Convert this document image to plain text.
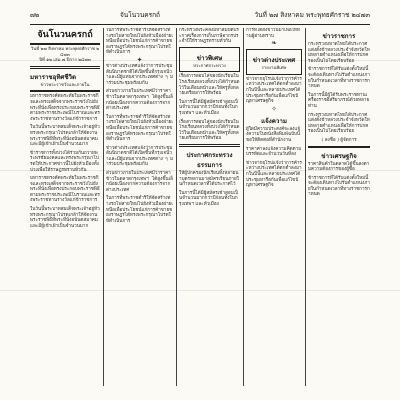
๗๒	จันโนวนครกถ์	วันที่ ๒๗ สิงหาคม พระพุทธศักราช ๒๔๗๓
จันโนวนครกถ์
วันที่ ๒๗ สิงหาคม พระพุทธศักราช ๒๔๗๓
ปีที่ ๑๒ เล่ม ๗ ปีการ ๒๔๗๓
มหาราชอุทิศชีวิต
ข่าวพระราชวังและภายใน
มหาราชทรงคัดพระทัยในพระราชกิจและทรงเสด็จจากพระราชวังไปยังพระที่นั่งเพื่อทรงประกอบพระราชพิธีตามพระราชประเพณีโบราณและทรงพระราชทานรางวัลแก่ข้าราชการ
ในวันนี้พระบาทสมเด็จพระเจ้าอยู่หัวทรงพระกรุณาโปรดเกล้าให้จัดงานพระราชพิธีที่พระที่นั่งอนันตสมาคมและมีผู้เข้าเฝ้าเป็นจำนวนมาก
ข้าราชการทั้งปวงได้ร่วมกันถวายพระพรชัยมงคลและทรงพระกรุณาโปรดให้ประกาศข่าวนี้ไปยังหัวเมืองทั้งปวงเพื่อให้ราษฎรทราบทั่วกัน
มหาราชทรงคัดพระทัยในพระราชกิจและทรงเสด็จจากพระราชวังไปยังพระที่นั่งเพื่อทรงประกอบพระราชพิธีตามพระราชประเพณีโบราณและทรงพระราชทานรางวัลแก่ข้าราชการ
ในวันนี้พระบาทสมเด็จพระเจ้าอยู่หัวทรงพระกรุณาโปรดเกล้าให้จัดงานพระราชพิธีที่พระที่นั่งอนันตสมาคมและมีผู้เข้าเฝ้าเป็นจำนวนมาก
ในการที่พระราชดำริให้จัดสร้างทางรถไฟสายใหม่ไปยังหัวเมืองฝ่ายเหนือเพื่อประโยชน์แก่การค้าขายของราษฎรได้ทรงพระกรุณาโปรดให้ดำเนินการ
✦
ข่าวต่างประเทศแจ้งว่าการประชุมสันนิบาตชาติได้เปิดขึ้นที่กรุงเจนีวาและมีผู้แทนจากประเทศต่าง ๆ มาร่วมประชุมพร้อมกัน
ส่วนข่าวภายในประเทศมีว่าราคาข้าวในตลาดกรุงเทพฯ ได้สูงขึ้นเล็กน้อยเนื่องจากความต้องการจากต่างประเทศ
ในการที่พระราชดำริให้จัดสร้างทางรถไฟสายใหม่ไปยังหัวเมืองฝ่ายเหนือเพื่อประโยชน์แก่การค้าขายของราษฎรได้ทรงพระกรุณาโปรดให้ดำเนินการ
ข่าวต่างประเทศแจ้งว่าการประชุมสันนิบาตชาติได้เปิดขึ้นที่กรุงเจนีวาและมีผู้แทนจากประเทศต่าง ๆ มาร่วมประชุมพร้อมกัน
ส่วนข่าวภายในประเทศมีว่าราคาข้าวในตลาดกรุงเทพฯ ได้สูงขึ้นเล็กน้อยเนื่องจากความต้องการจากต่างประเทศ
ในการที่พระราชดำริให้จัดสร้างทางรถไฟสายใหม่ไปยังหัวเมืองฝ่ายเหนือเพื่อประโยชน์แก่การค้าขายของราษฎรได้ทรงพระกรุณาโปรดให้ดำเนินการ
กระทรวงพระคลังมหาสมบัติประกาศเรื่องการเก็บภาษีอากรประจำปีให้ราษฎรทราบทั่วกัน
ข่าวพิเศษ
ประกาศกระทรวง
เรื่องการสอบไล่ของนักเรียนในโรงเรียนหลวงทั้งปวงได้กำหนดไว้ในเดือนหน้าและให้ครูทั้งหลายเตรียมการให้พร้อม
ในการนี้ได้มีผู้สมัครเข้าสอบเป็นจำนวนมากกว่าปีก่อนทั้งในกรุงเทพฯ และหัวเมือง
เรื่องการสอบไล่ของนักเรียนในโรงเรียนหลวงทั้งปวงได้กำหนดไว้ในเดือนหน้าและให้ครูทั้งหลายเตรียมการให้พร้อม
ประกาศกระทรวงธรรมการ
ให้ผู้ปกครองนักเรียนทั้งหลายนำบุตรหลานมาสมัครเรียนภายในกำหนดเวลาที่ได้ประกาศไว้
ในการนี้ได้มีผู้สมัครเข้าสอบเป็นจำนวนมากกว่าปีก่อนทั้งในกรุงเทพฯ และหัวเมือง
การที่ได้ส่งข่าวนี้มาเพื่อให้ท่านผู้อ่านทราบ
❧
ข่าวต่างประเทศ
รายงานพิเศษ
ข่าวจากยุโรปแจ้งว่าการค้าระหว่างประเทศได้ตกต่ำลงมากในปีนี้และหลายประเทศได้ประชุมหารือกันเพื่อแก้ไขปัญหาเศรษฐกิจ
✧
แจ้งความ
ผู้ใดมีความประสงค์จะลงแจ้งความในหนังสือพิมพ์ฉบับนี้ขอให้ติดต่อที่สำนักงาน
ราคาค่าลงแจ้งความคิดตามบรรทัดและจำนวนวันที่ลง
ข่าวจากยุโรปแจ้งว่าการค้าระหว่างประเทศได้ตกต่ำลงมากในปีนี้และหลายประเทศได้ประชุมหารือกันเพื่อแก้ไขปัญหาเศรษฐกิจ
ข่าวราชการ
กระทรวงมหาดไทยได้ประกาศแต่งตั้งข้าหลวงประจำจังหวัดใหม่หลายตำแหน่งเพื่อให้การปกครองเป็นไปโดยเรียบร้อย
ข้าราชการที่ได้รับแต่งตั้งใหม่นี้จะต้องเดินทางไปรับตำแหน่งภายในกำหนดเวลาที่ทางราชการกำหนด
ในการนี้มีผู้ได้รับพระราชทานเครื่องราชอิสริยาภรณ์ด้วยหลายท่าน
กระทรวงมหาดไทยได้ประกาศแต่งตั้งข้าหลวงประจำจังหวัดใหม่หลายตำแหน่งเพื่อให้การปกครองเป็นไปโดยเรียบร้อย
( ลงชื่อ ) ผู้จัดการ
ข่าวเศรษฐกิจ
ราคาสินค้าในตลาดได้ขึ้นลงตามความต้องการของผู้ซื้อ
ข้าราชการที่ได้รับแต่งตั้งใหม่นี้จะต้องเดินทางไปรับตำแหน่งภายในกำหนดเวลาที่ทางราชการกำหนด
